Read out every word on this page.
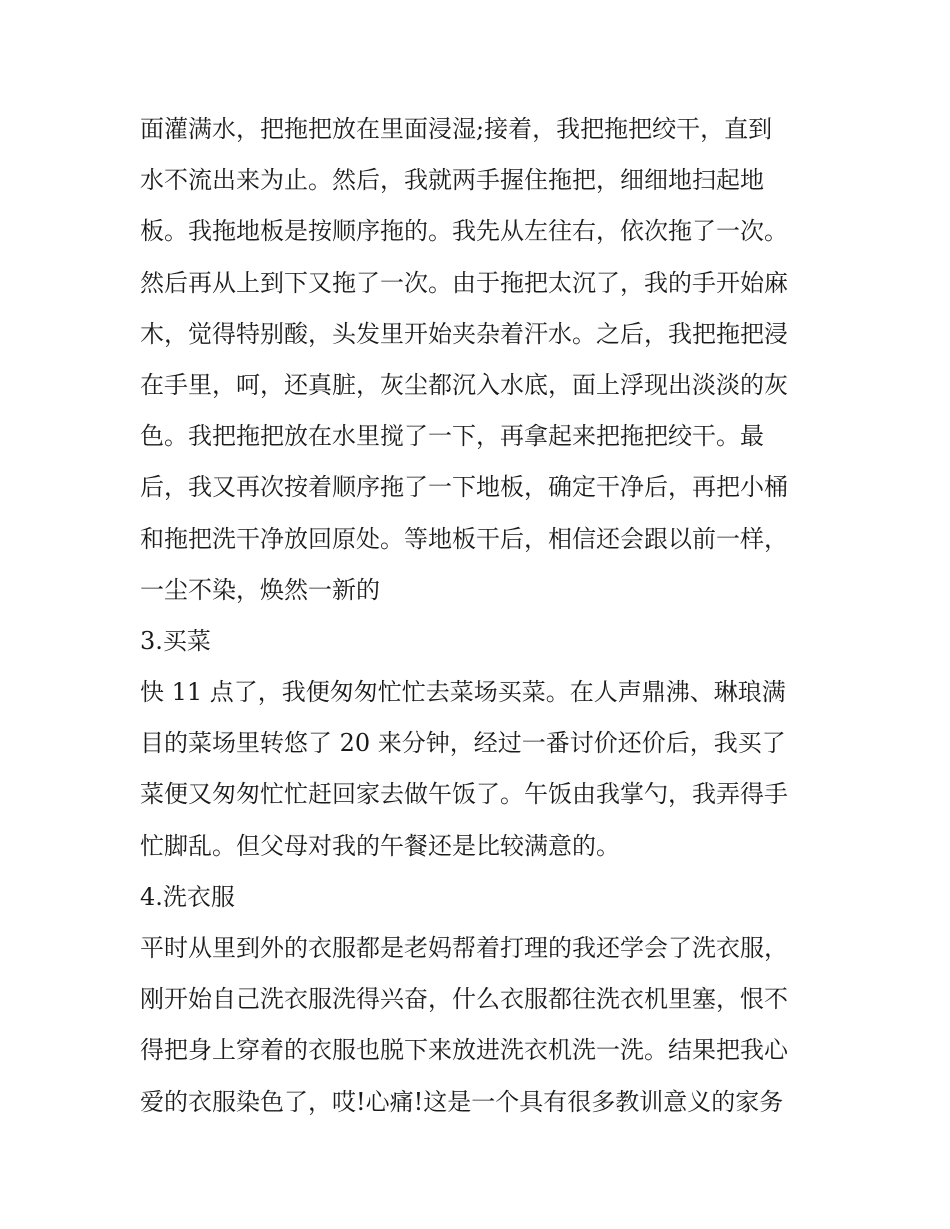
面灌满水，把拖把放在里面浸湿;接着，我把拖把绞干，直到
水不流出来为止。然后，我就两手握住拖把，细细地扫起地
板。我拖地板是按顺序拖的。我先从左往右，依次拖了一次。
然后再从上到下又拖了一次。由于拖把太沉了，我的手开始麻
木，觉得特别酸，头发里开始夹杂着汗水。之后，我把拖把浸
在手里，呵，还真脏，灰尘都沉入水底，面上浮现出淡淡的灰
色。我把拖把放在水里搅了一下，再拿起来把拖把绞干。最
后，我又再次按着顺序拖了一下地板，确定干净后，再把小桶
和拖把洗干净放回原处。等地板干后，相信还会跟以前一样，
一尘不染，焕然一新的
3.买菜
快 11 点了，我便匆匆忙忙去菜场买菜。在人声鼎沸、琳琅满
目的菜场里转悠了 20 来分钟，经过一番讨价还价后，我买了
菜便又匆匆忙忙赶回家去做午饭了。午饭由我掌勺，我弄得手
忙脚乱。但父母对我的午餐还是比较满意的。
4.洗衣服
平时从里到外的衣服都是老妈帮着打理的我还学会了洗衣服，
刚开始自己洗衣服洗得兴奋，什么衣服都往洗衣机里塞，恨不
得把身上穿着的衣服也脱下来放进洗衣机洗一洗。结果把我心
爱的衣服染色了，哎!心痛!这是一个具有很多教训意义的家务
